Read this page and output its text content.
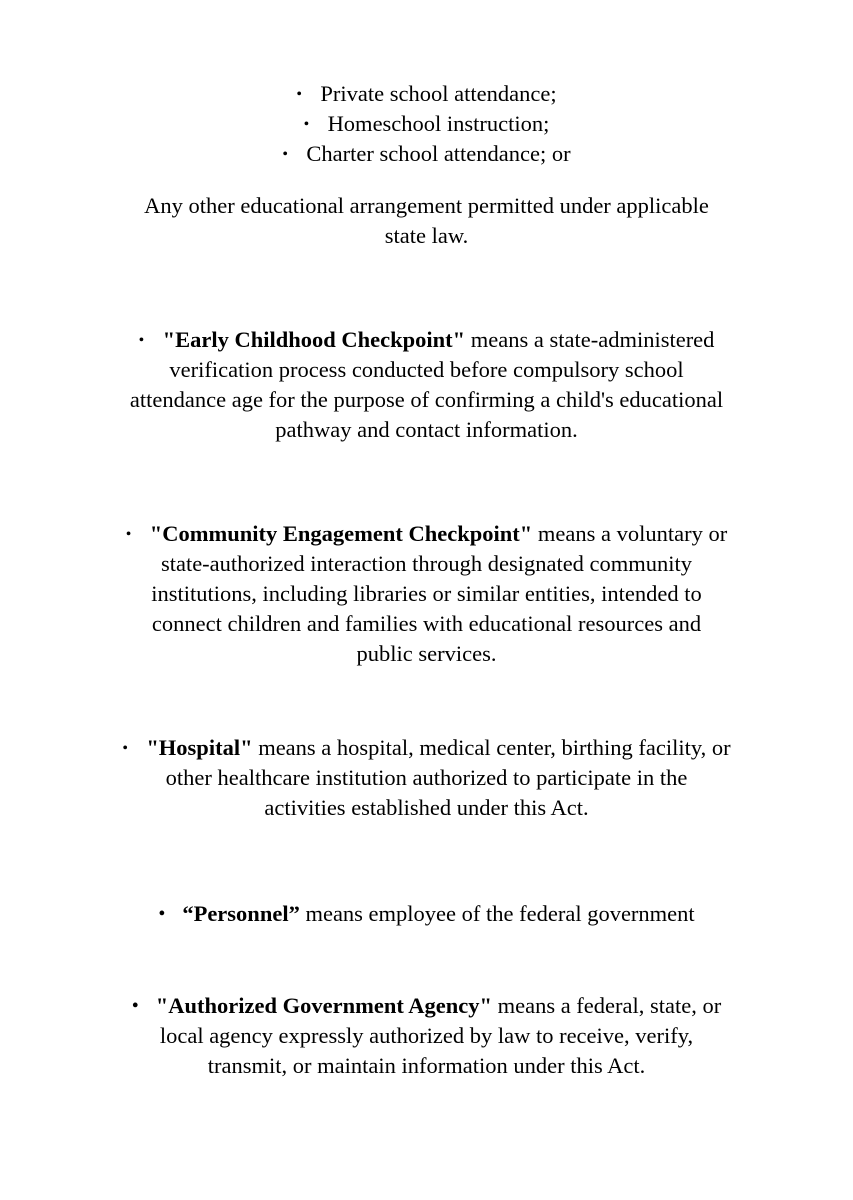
• Private school attendance;
• Homeschool instruction;
• Charter school attendance; or
Any other educational arrangement permitted under applicable
state law.
• "Early Childhood Checkpoint" means a state-administered
verification process conducted before compulsory school
attendance age for the purpose of confirming a child's educational
pathway and contact information.
• "Community Engagement Checkpoint" means a voluntary or
state-authorized interaction through designated community
institutions, including libraries or similar entities, intended to
connect children and families with educational resources and
public services.
• "Hospital" means a hospital, medical center, birthing facility, or
other healthcare institution authorized to participate in the
activities established under this Act.
• “Personnel” means employee of the federal government
• "Authorized Government Agency" means a federal, state, or
local agency expressly authorized by law to receive, verify,
transmit, or maintain information under this Act.
